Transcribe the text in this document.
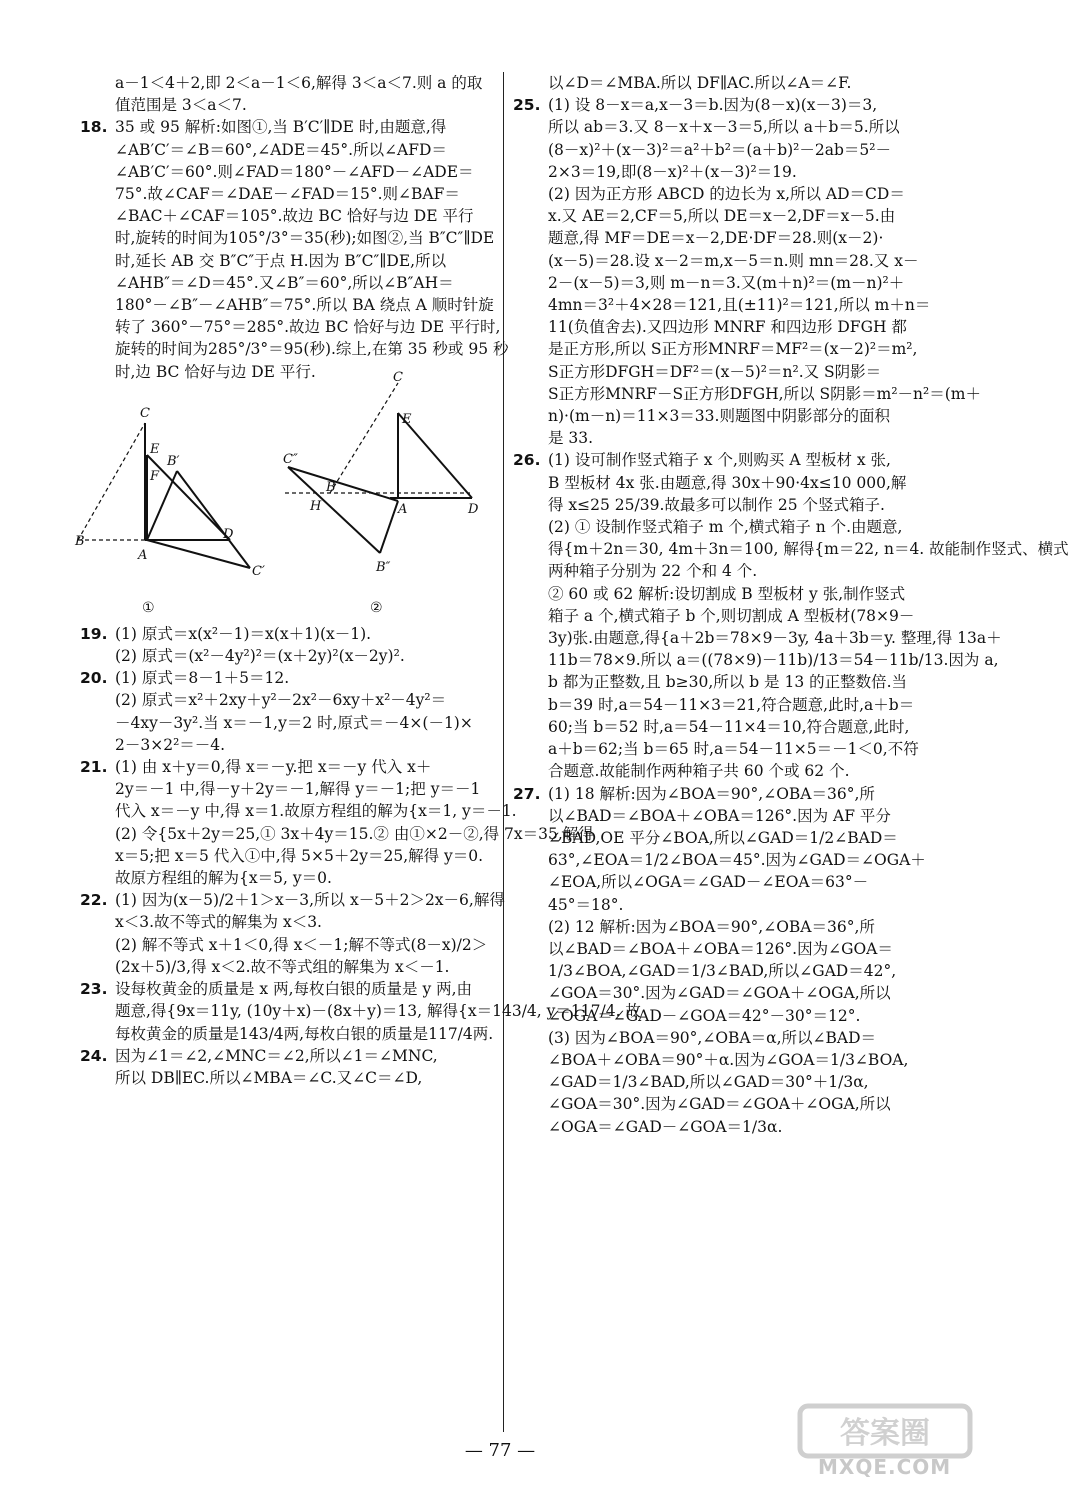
a－1＜4＋2,即 2＜a－1＜6,解得 3＜a＜7.则 a 的取
值范围是 3＜a＜7.
18. 35 或 95 解析:如图①,当 B′C′∥DE 时,由题意,得
∠AB′C′＝∠B＝60°,∠ADE＝45°.所以∠AFD＝
∠AB′C′＝60°.则∠FAD＝180°－∠AFD－∠ADE＝
75°.故∠CAF＝∠DAE－∠FAD＝15°.则∠BAF＝
∠BAC＋∠CAF＝105°.故边 BC 恰好与边 DE 平行
时,旋转的时间为105°/3°＝35(秒);如图②,当 B″C″∥DE
时,延长 AB 交 B″C″于点 H.因为 B″C″∥DE,所以
∠AHB″＝∠D＝45°.又∠B″＝60°,所以∠B″AH＝
180°－∠B″－∠AHB″＝75°.所以 BA 绕点 A 顺时针旋
转了 360°－75°＝285°.故边 BC 恰好与边 DE 平行时,
旋转的时间为285°/3°＝95(秒).综上,在第 35 秒或 95 秒
时,边 BC 恰好与边 DE 平行.
C
E
B′
F
B
A
D
C′
C
E
C″
B
H	A	D
B″
①	②
19. (1) 原式＝x(x²－1)＝x(x＋1)(x－1).
(2) 原式＝(x²－4y²)²＝(x＋2y)²(x－2y)².
20. (1) 原式＝8－1＋5＝12.
(2) 原式＝x²＋2xy＋y²－2x²－6xy＋x²－4y²＝
－4xy－3y².当 x＝－1,y＝2 时,原式＝－4×(－1)×
2－3×2²＝－4.
21. (1) 由 x＋y＝0,得 x＝－y.把 x＝－y 代入 x＋
2y＝－1 中,得－y＋2y＝－1,解得 y＝－1;把 y＝－1
代入 x＝－y 中,得 x＝1.故原方程组的解为{x＝1, y＝－1.
(2) 令{5x＋2y＝25,① 3x＋4y＝15.② 由①×2－②,得 7x＝35,解得
x＝5;把 x＝5 代入①中,得 5×5＋2y＝25,解得 y＝0.
故原方程组的解为{x＝5, y＝0.
22. (1) 因为(x－5)/2＋1＞x－3,所以 x－5＋2＞2x－6,解得
x＜3.故不等式的解集为 x＜3.
(2) 解不等式 x＋1＜0,得 x＜－1;解不等式(8－x)/2＞
(2x＋5)/3,得 x＜2.故不等式组的解集为 x＜－1.
23. 设每枚黄金的质量是 x 两,每枚白银的质量是 y 两,由
题意,得{9x＝11y, (10y＋x)－(8x＋y)＝13, 解得{x＝143/4, y＝117/4. 故
每枚黄金的质量是143/4两,每枚白银的质量是117/4两.
24. 因为∠1＝∠2,∠MNC＝∠2,所以∠1＝∠MNC,
所以 DB∥EC.所以∠MBA＝∠C.又∠C＝∠D,
以∠D＝∠MBA.所以 DF∥AC.所以∠A＝∠F.
25. (1) 设 8－x＝a,x－3＝b.因为(8－x)(x－3)＝3,
所以 ab＝3.又 8－x＋x－3＝5,所以 a＋b＝5.所以
(8－x)²＋(x－3)²＝a²＋b²＝(a＋b)²－2ab＝5²－
2×3＝19,即(8－x)²＋(x－3)²＝19.
(2) 因为正方形 ABCD 的边长为 x,所以 AD＝CD＝
x.又 AE＝2,CF＝5,所以 DE＝x－2,DF＝x－5.由
题意,得 MF＝DE＝x－2,DE·DF＝28.则(x－2)·
(x－5)＝28.设 x－2＝m,x－5＝n.则 mn＝28.又 x－
2－(x－5)＝3,则 m－n＝3.又(m＋n)²＝(m－n)²＋
4mn＝3²＋4×28＝121,且(±11)²＝121,所以 m＋n＝
11(负值舍去).又四边形 MNRF 和四边形 DFGH 都
是正方形,所以 S正方形MNRF＝MF²＝(x－2)²＝m²,
S正方形DFGH＝DF²＝(x－5)²＝n².又 S阴影＝
S正方形MNRF－S正方形DFGH,所以 S阴影＝m²－n²＝(m＋
n)·(m－n)＝11×3＝33.则题图中阴影部分的面积
是 33.
26. (1) 设可制作竖式箱子 x 个,则购买 A 型板材 x 张,
B 型板材 4x 张.由题意,得 30x＋90·4x≤10 000,解
得 x≤25 25/39.故最多可以制作 25 个竖式箱子.
(2) ① 设制作竖式箱子 m 个,横式箱子 n 个.由题意,
得{m＋2n＝30, 4m＋3n＝100, 解得{m＝22, n＝4. 故能制作竖式、横式
两种箱子分别为 22 个和 4 个.
② 60 或 62 解析:设切割成 B 型板材 y 张,制作竖式
箱子 a 个,横式箱子 b 个,则切割成 A 型板材(78×9－
3y)张.由题意,得{a＋2b＝78×9－3y, 4a＋3b＝y. 整理,得 13a＋
11b＝78×9.所以 a＝((78×9)－11b)/13＝54－11b/13.因为 a,
b 都为正整数,且 b≥30,所以 b 是 13 的正整数倍.当
b＝39 时,a＝54－11×3＝21,符合题意,此时,a＋b＝
60;当 b＝52 时,a＝54－11×4＝10,符合题意,此时,
a＋b＝62;当 b＝65 时,a＝54－11×5＝－1＜0,不符
合题意.故能制作两种箱子共 60 个或 62 个.
27. (1) 18 解析:因为∠BOA＝90°,∠OBA＝36°,所
以∠BAD＝∠BOA＋∠OBA＝126°.因为 AF 平分
∠BAD,OE 平分∠BOA,所以∠GAD＝1/2∠BAD＝
63°,∠EOA＝1/2∠BOA＝45°.因为∠GAD＝∠OGA＋
∠EOA,所以∠OGA＝∠GAD－∠EOA＝63°－
45°＝18°.
(2) 12 解析:因为∠BOA＝90°,∠OBA＝36°,所
以∠BAD＝∠BOA＋∠OBA＝126°.因为∠GOA＝
1/3∠BOA,∠GAD＝1/3∠BAD,所以∠GAD＝42°,
∠GOA＝30°.因为∠GAD＝∠GOA＋∠OGA,所以
∠OGA＝∠GAD－∠GOA＝42°－30°＝12°.
(3) 因为∠BOA＝90°,∠OBA＝α,所以∠BAD＝
∠BOA＋∠OBA＝90°＋α.因为∠GOA＝1/3∠BOA,
∠GAD＝1/3∠BAD,所以∠GAD＝30°＋1/3α,
∠GOA＝30°.因为∠GAD＝∠GOA＋∠OGA,所以
∠OGA＝∠GAD－∠GOA＝1/3α.
— 77 —	答案圈
MXQE.COM
